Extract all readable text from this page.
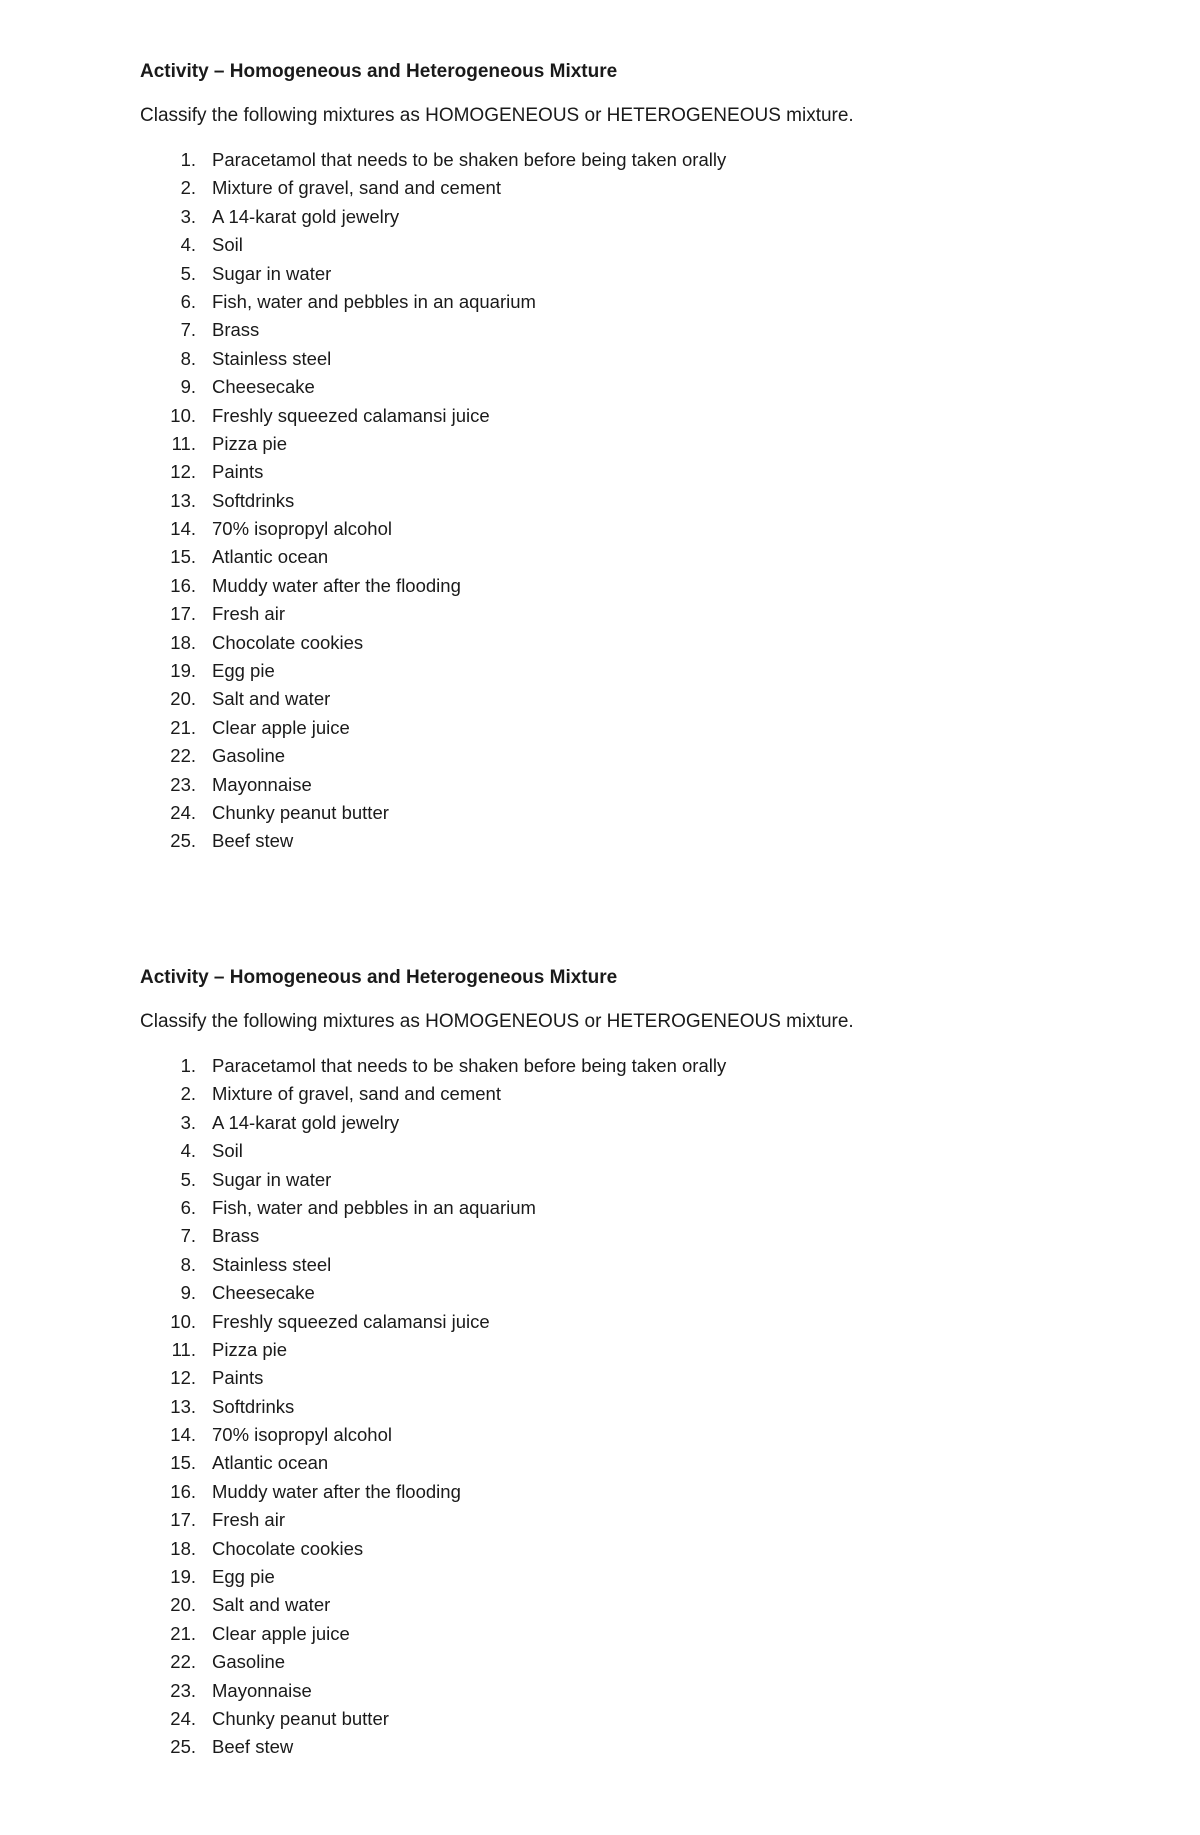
Activity – Homogeneous and Heterogeneous Mixture

Classify the following mixtures as HOMOGENEOUS or HETEROGENEOUS mixture.

1. Paracetamol that needs to be shaken before being taken orally
2. Mixture of gravel, sand and cement
3. A 14-karat gold jewelry
4. Soil
5. Sugar in water
6. Fish, water and pebbles in an aquarium
7. Brass
8. Stainless steel
9. Cheesecake
10. Freshly squeezed calamansi juice
11. Pizza pie
12. Paints
13. Softdrinks
14. 70% isopropyl alcohol
15. Atlantic ocean
16. Muddy water after the flooding
17. Fresh air
18. Chocolate cookies
19. Egg pie
20. Salt and water
21. Clear apple juice
22. Gasoline
23. Mayonnaise
24. Chunky peanut butter
25. Beef stew
Activity – Homogeneous and Heterogeneous Mixture

Classify the following mixtures as HOMOGENEOUS or HETEROGENEOUS mixture.

1. Paracetamol that needs to be shaken before being taken orally
2. Mixture of gravel, sand and cement
3. A 14-karat gold jewelry
4. Soil
5. Sugar in water
6. Fish, water and pebbles in an aquarium
7. Brass
8. Stainless steel
9. Cheesecake
10. Freshly squeezed calamansi juice
11. Pizza pie
12. Paints
13. Softdrinks
14. 70% isopropyl alcohol
15. Atlantic ocean
16. Muddy water after the flooding
17. Fresh air
18. Chocolate cookies
19. Egg pie
20. Salt and water
21. Clear apple juice
22. Gasoline
23. Mayonnaise
24. Chunky peanut butter
25. Beef stew
